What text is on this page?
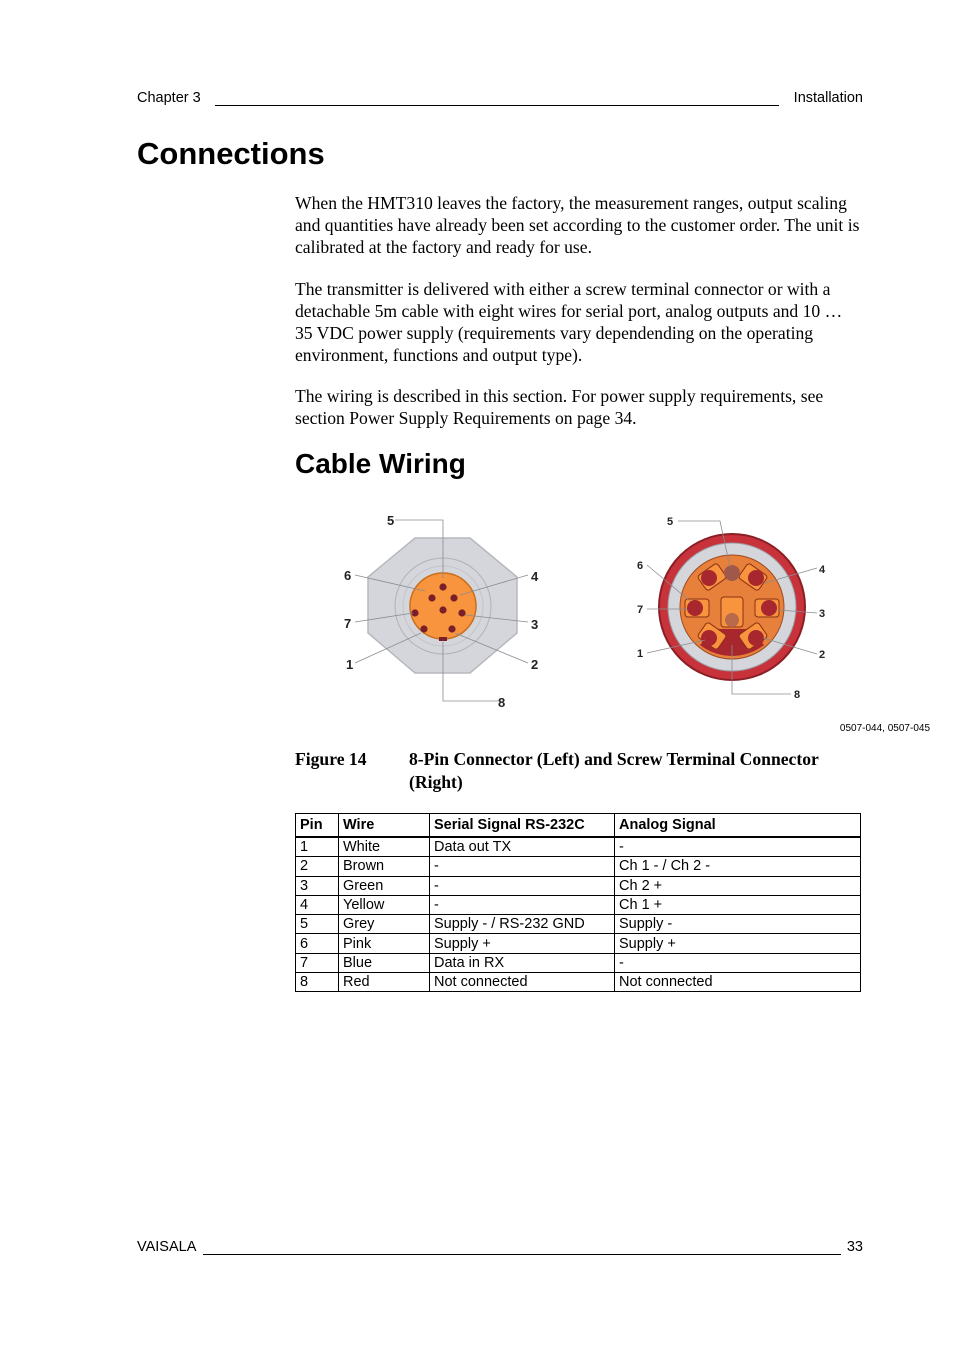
Chapter 3	Installation
Connections

When the HMT310 leaves the factory, the measurement ranges, output scaling and quantities have already been set according to the customer order. The unit is calibrated at the factory and ready for use.

The transmitter is delivered with either a screw terminal connector or with a detachable 5m cable with eight wires for serial port, analog outputs and 10 … 35 VDC power supply (requirements vary dependending on the operating environment, functions and output type).

The wiring is described in this section. For power supply requirements, see section Power Supply Requirements on page 34.

Cable Wiring
5
6
7
1
4
3
2
8
5
6
7
1
4
3
2
8
0507-044, 0507-045
Figure 14 8-Pin Connector (Left) and Screw Terminal Connector (Right)
Pin	Wire	Serial Signal RS-232C	Analog Signal
1	White	Data out TX	-
2	Brown	-	Ch 1 - / Ch 2 -
3	Green	-	Ch 2 +
4	Yellow	-	Ch 1 +
5	Grey	Supply - / RS-232 GND	Supply -
6	Pink	Supply +	Supply +
7	Blue	Data in RX	-
8	Red	Not connected	Not connected
VAISALA	33
